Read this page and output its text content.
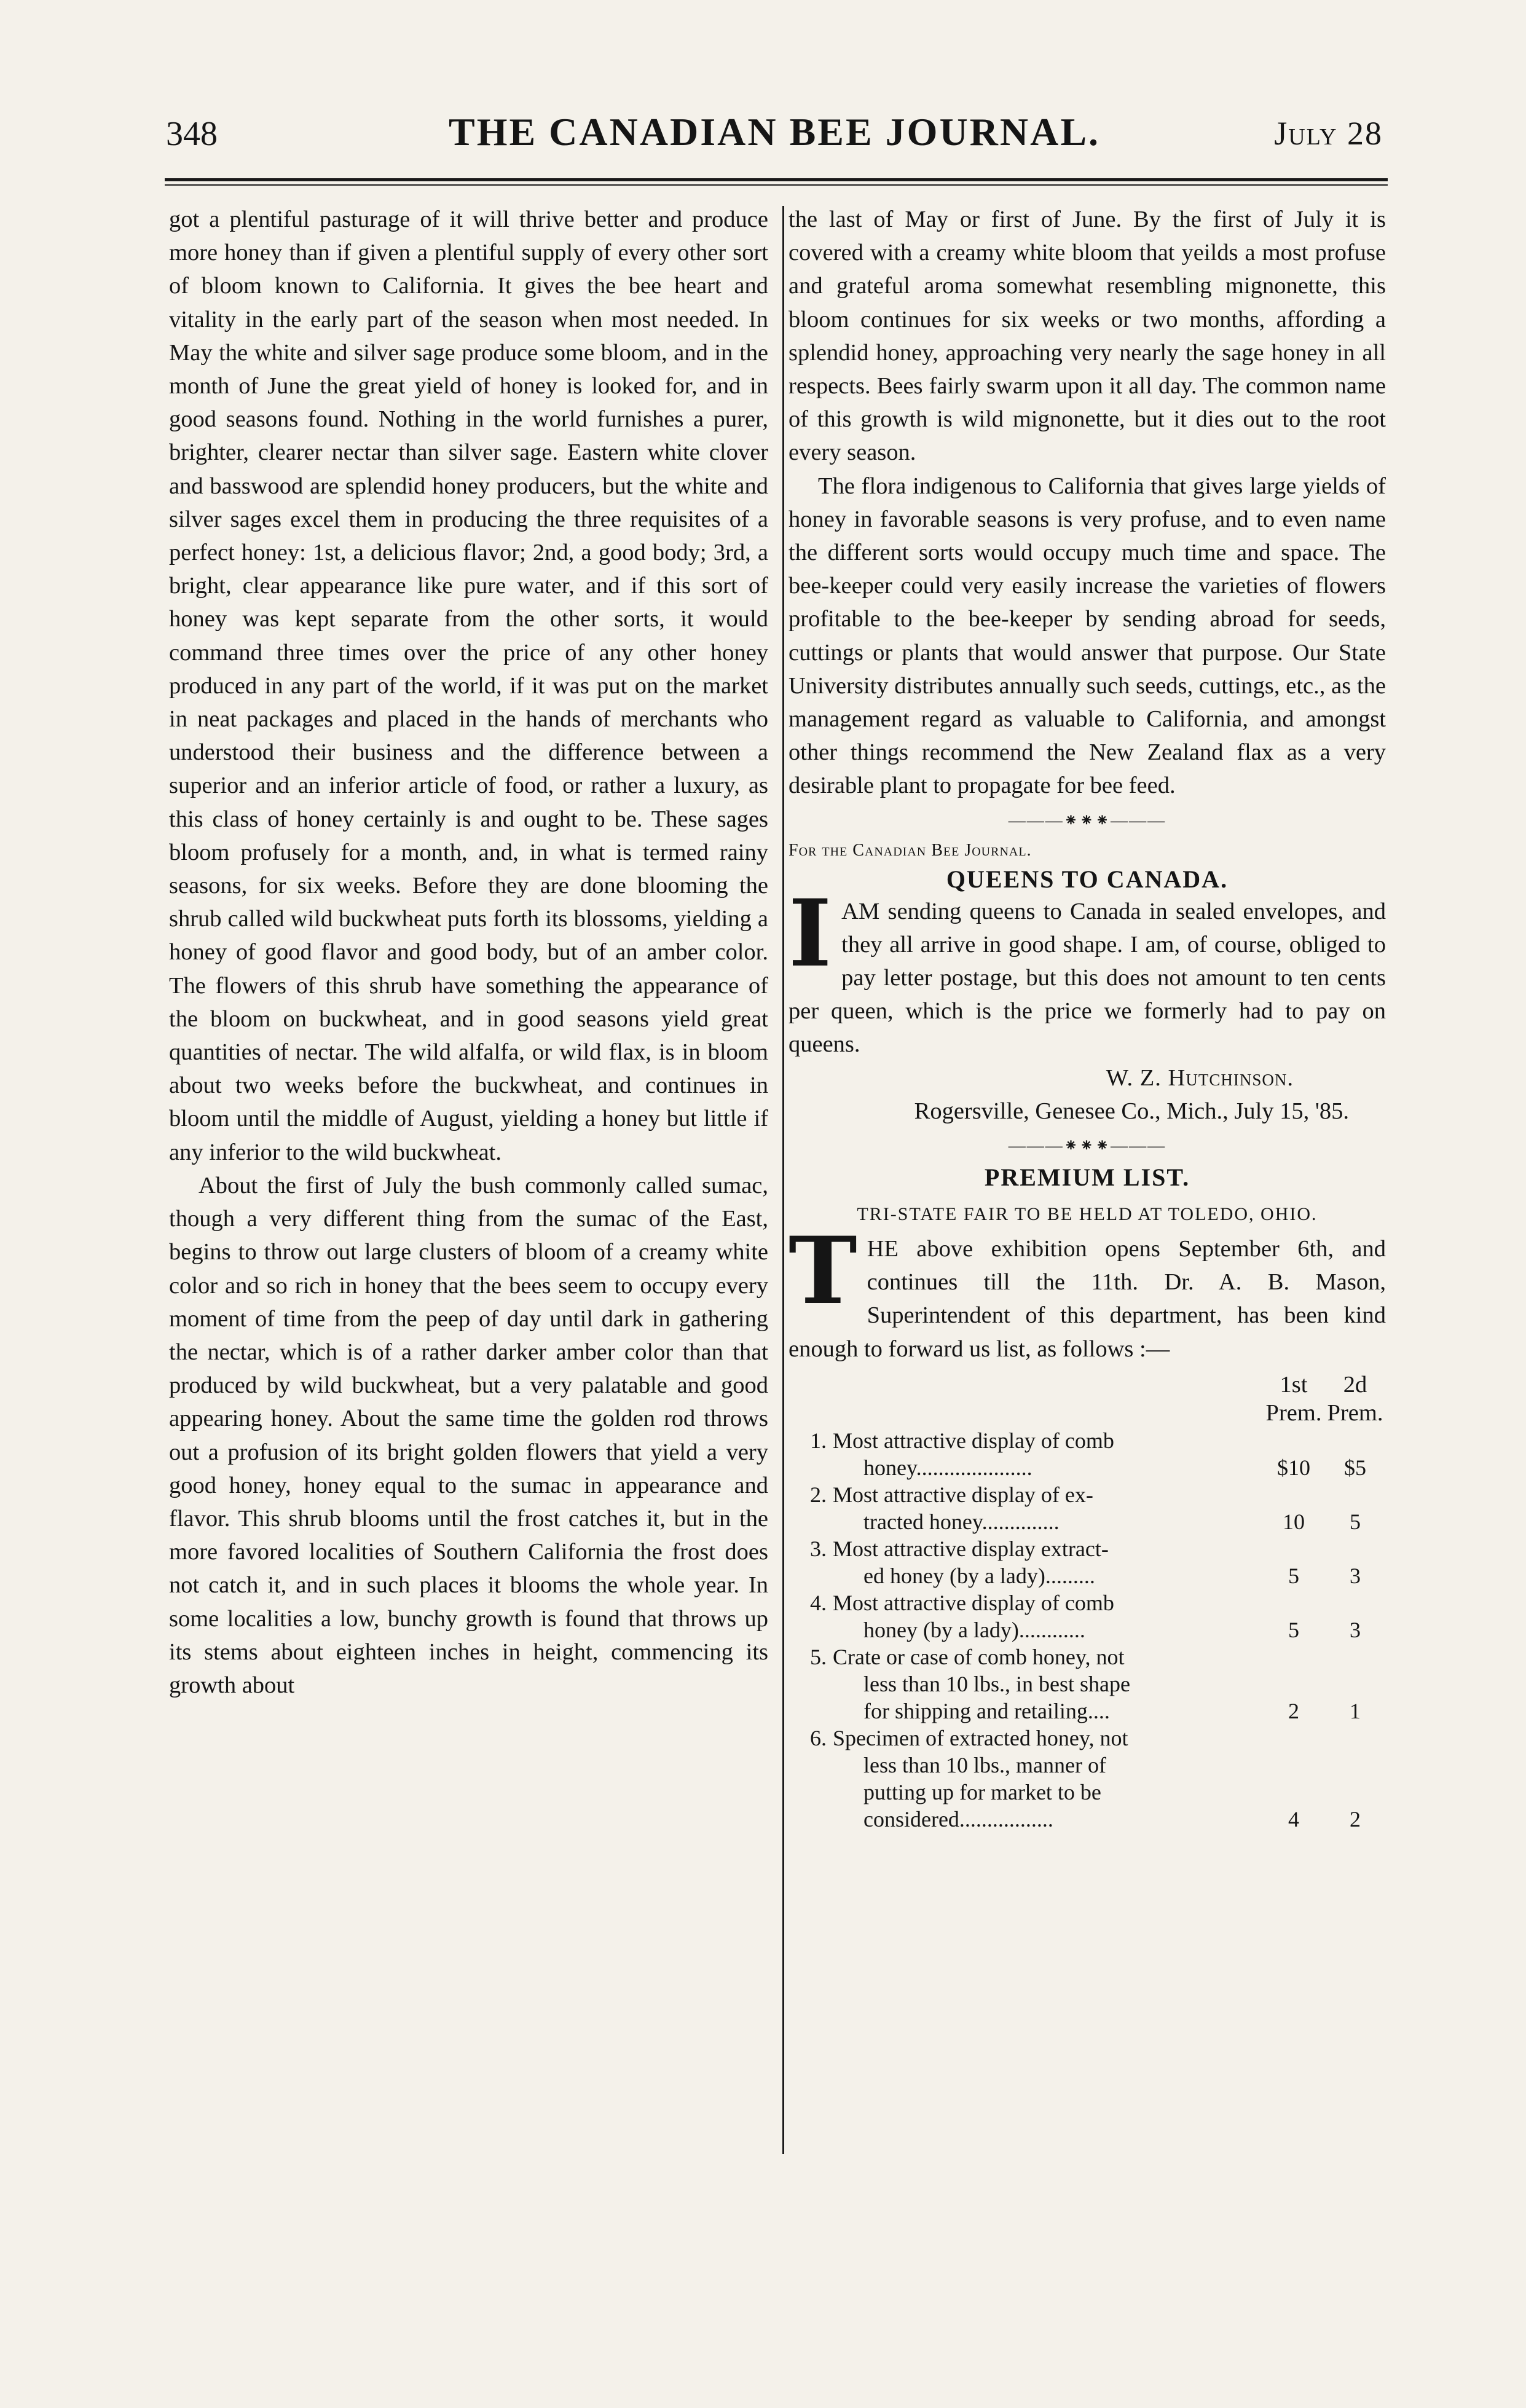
348	THE CANADIAN BEE JOURNAL.	July 28

got a plentiful pasturage of it will thrive better and produce more honey than if given a plentiful supply of every other sort of bloom known to California. It gives the bee heart and vitality in the early part of the season when most needed. In May the white and silver sage produce some bloom, and in the month of June the great yield of honey is looked for, and in good seasons found. Nothing in the world furnishes a purer, brighter, clearer nectar than silver sage. Eastern white clover and basswood are splendid honey producers, but the white and silver sages excel them in producing the three requisites of a perfect honey: 1st, a delicious flavor; 2nd, a good body; 3rd, a bright, clear appearance like pure water, and if this sort of honey was kept separate from the other sorts, it would command three times over the price of any other honey produced in any part of the world, if it was put on the market in neat packages and placed in the hands of merchants who understood their business and the difference between a superior and an inferior article of food, or rather a luxury, as this class of honey certainly is and ought to be. These sages bloom profusely for a month, and, in what is termed rainy seasons, for six weeks. Before they are done blooming the shrub called wild buckwheat puts forth its blossoms, yielding a honey of good flavor and good body, but of an amber color. The flowers of this shrub have something the appearance of the bloom on buckwheat, and in good seasons yield great quantities of nectar. The wild alfalfa, or wild flax, is in bloom about two weeks before the buckwheat, and continues in bloom until the middle of August, yielding a honey but little if any inferior to the wild buckwheat.

About the first of July the bush commonly called sumac, though a very different thing from the sumac of the East, begins to throw out large clusters of bloom of a creamy white color and so rich in honey that the bees seem to occupy every moment of time from the peep of day until dark in gathering the nectar, which is of a rather darker amber color than that produced by wild buckwheat, but a very palatable and good appearing honey. About the same time the golden rod throws out a profusion of its bright golden flowers that yield a very good honey, honey equal to the sumac in appearance and flavor. This shrub blooms until the frost catches it, but in the more favored localities of Southern California the frost does not catch it, and in such places it blooms the whole year. In some localities a low, bunchy growth is found that throws up its stems about eighteen inches in height, commencing its growth about

the last of May or first of June. By the first of July it is covered with a creamy white bloom that yeilds a most profuse and grateful aroma somewhat resembling mignonette, this bloom continues for six weeks or two months, affording a splendid honey, approaching very nearly the sage honey in all respects. Bees fairly swarm upon it all day. The common name of this growth is wild mignonette, but it dies out to the root every season.

The flora indigenous to California that gives large yields of honey in favorable seasons is very profuse, and to even name the different sorts would occupy much time and space. The bee-keeper could very easily increase the varieties of flowers profitable to the bee-keeper by sending abroad for seeds, cuttings or plants that would answer that purpose. Our State University distributes annually such seeds, cuttings, etc., as the management regard as valuable to California, and amongst other things recommend the New Zealand flax as a very desirable plant to propagate for bee feed.

———⁕⁕⁕———
For the Canadian Bee Journal.
QUEENS TO CANADA.

IAM sending queens to Canada in sealed envelopes, and they all arrive in good shape. I am, of course, obliged to pay letter postage, but this does not amount to ten cents per queen, which is the price we formerly had to pay on queens.

W. Z. Hutchinson.
Rogersville, Genesee Co., Mich., July 15, '85.
———⁕⁕⁕———
PREMIUM LIST.
TRI-STATE FAIR TO BE HELD AT TOLEDO, OHIO.

THE above exhibition opens September 6th, and continues till the 11th. Dr. A. B. Mason, Superintendent of this department, has been kind enough to forward us list, as follows :—

1st Prem.
2d Prem.
1. Most attractive display of comb
honey.....................	$10	$5
2. Most attractive display of ex-
tracted honey..............	10	5
3. Most attractive display extract-
ed honey (by a lady).........	5	3
4. Most attractive display of comb
honey (by a lady)............	5	3
5. Crate or case of comb honey, not
less than 10 lbs., in best shape
for shipping and retailing....	2	1
6. Specimen of extracted honey, not
less than 10 lbs., manner of
putting up for market to be
considered.................	4	2
